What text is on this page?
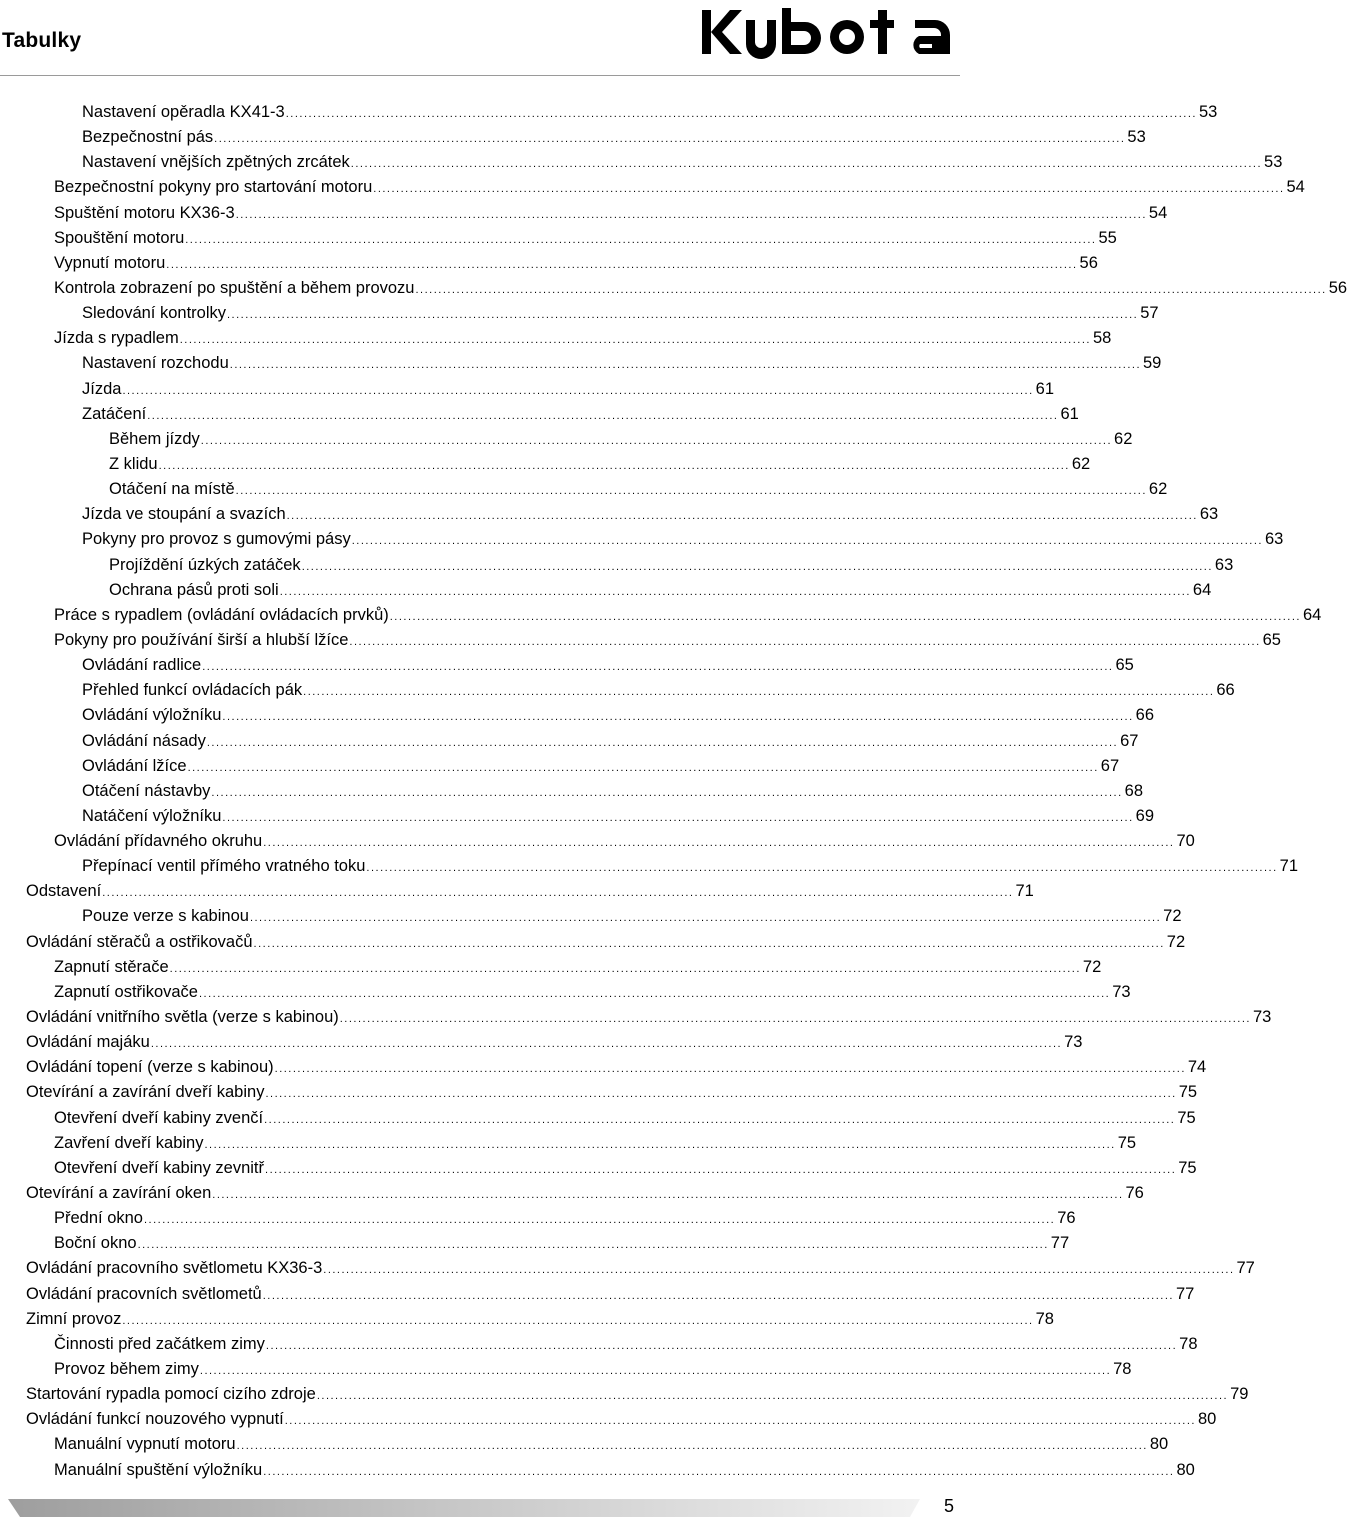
Tabulky
Nastavení opěradla KX41-3 ........................................................................................................................................................................................................ 53
Bezpečnostní pás ........................................................................................................................................................................................................ 53
Nastavení vnějších zpětných zrcátek ........................................................................................................................................................................................................ 53
Bezpečnostní pokyny pro startování motoru ........................................................................................................................................................................................................ 54
Spuštění motoru KX36-3 ........................................................................................................................................................................................................ 54
Spouštění motoru ........................................................................................................................................................................................................ 55
Vypnutí motoru ........................................................................................................................................................................................................ 56
Kontrola zobrazení po spuštění a během provozu ........................................................................................................................................................................................................ 56
Sledování kontrolky ........................................................................................................................................................................................................ 57
Jízda s rypadlem ........................................................................................................................................................................................................ 58
Nastavení rozchodu ........................................................................................................................................................................................................ 59
Jízda ........................................................................................................................................................................................................ 61
Zatáčení ........................................................................................................................................................................................................ 61
Během jízdy ........................................................................................................................................................................................................ 62
Z klidu ........................................................................................................................................................................................................ 62
Otáčení na místě ........................................................................................................................................................................................................ 62
Jízda ve stoupání a svazích ........................................................................................................................................................................................................ 63
Pokyny pro provoz s gumovými pásy ........................................................................................................................................................................................................ 63
Projíždění úzkých zatáček ........................................................................................................................................................................................................ 63
Ochrana pásů proti soli ........................................................................................................................................................................................................ 64
Práce s rypadlem (ovládání ovládacích prvků) ........................................................................................................................................................................................................ 64
Pokyny pro používání širší a hlubší lžíce ........................................................................................................................................................................................................ 65
Ovládání radlice ........................................................................................................................................................................................................ 65
Přehled funkcí ovládacích pák ........................................................................................................................................................................................................ 66
Ovládání výložníku ........................................................................................................................................................................................................ 66
Ovládání násady ........................................................................................................................................................................................................ 67
Ovládání lžíce ........................................................................................................................................................................................................ 67
Otáčení nástavby ........................................................................................................................................................................................................ 68
Natáčení výložníku ........................................................................................................................................................................................................ 69
Ovládání přídavného okruhu ........................................................................................................................................................................................................ 70
Přepínací ventil přímého vratného toku ........................................................................................................................................................................................................ 71
Odstavení ........................................................................................................................................................................................................ 71
Pouze verze s kabinou ........................................................................................................................................................................................................ 72
Ovládání stěračů a ostřikovačů ........................................................................................................................................................................................................ 72
Zapnutí stěrače ........................................................................................................................................................................................................ 72
Zapnutí ostřikovače ........................................................................................................................................................................................................ 73
Ovládání vnitřního světla (verze s kabinou) ........................................................................................................................................................................................................ 73
Ovládání majáku ........................................................................................................................................................................................................ 73
Ovládání topení (verze s kabinou) ........................................................................................................................................................................................................ 74
Otevírání a zavírání dveří kabiny ........................................................................................................................................................................................................ 75
Otevření dveří kabiny zvenčí ........................................................................................................................................................................................................ 75
Zavření dveří kabiny ........................................................................................................................................................................................................ 75
Otevření dveří kabiny zevnitř ........................................................................................................................................................................................................ 75
Otevírání a zavírání oken ........................................................................................................................................................................................................ 76
Přední okno ........................................................................................................................................................................................................ 76
Boční okno ........................................................................................................................................................................................................ 77
Ovládání pracovního světlometu KX36-3 ........................................................................................................................................................................................................ 77
Ovládání pracovních světlometů ........................................................................................................................................................................................................ 77
Zimní provoz ........................................................................................................................................................................................................ 78
Činnosti před začátkem zimy ........................................................................................................................................................................................................ 78
Provoz během zimy ........................................................................................................................................................................................................ 78
Startování rypadla pomocí cizího zdroje ........................................................................................................................................................................................................ 79
Ovládání funkcí nouzového vypnutí ........................................................................................................................................................................................................ 80
Manuální vypnutí motoru ........................................................................................................................................................................................................ 80
Manuální spuštění výložníku ........................................................................................................................................................................................................ 80
5
